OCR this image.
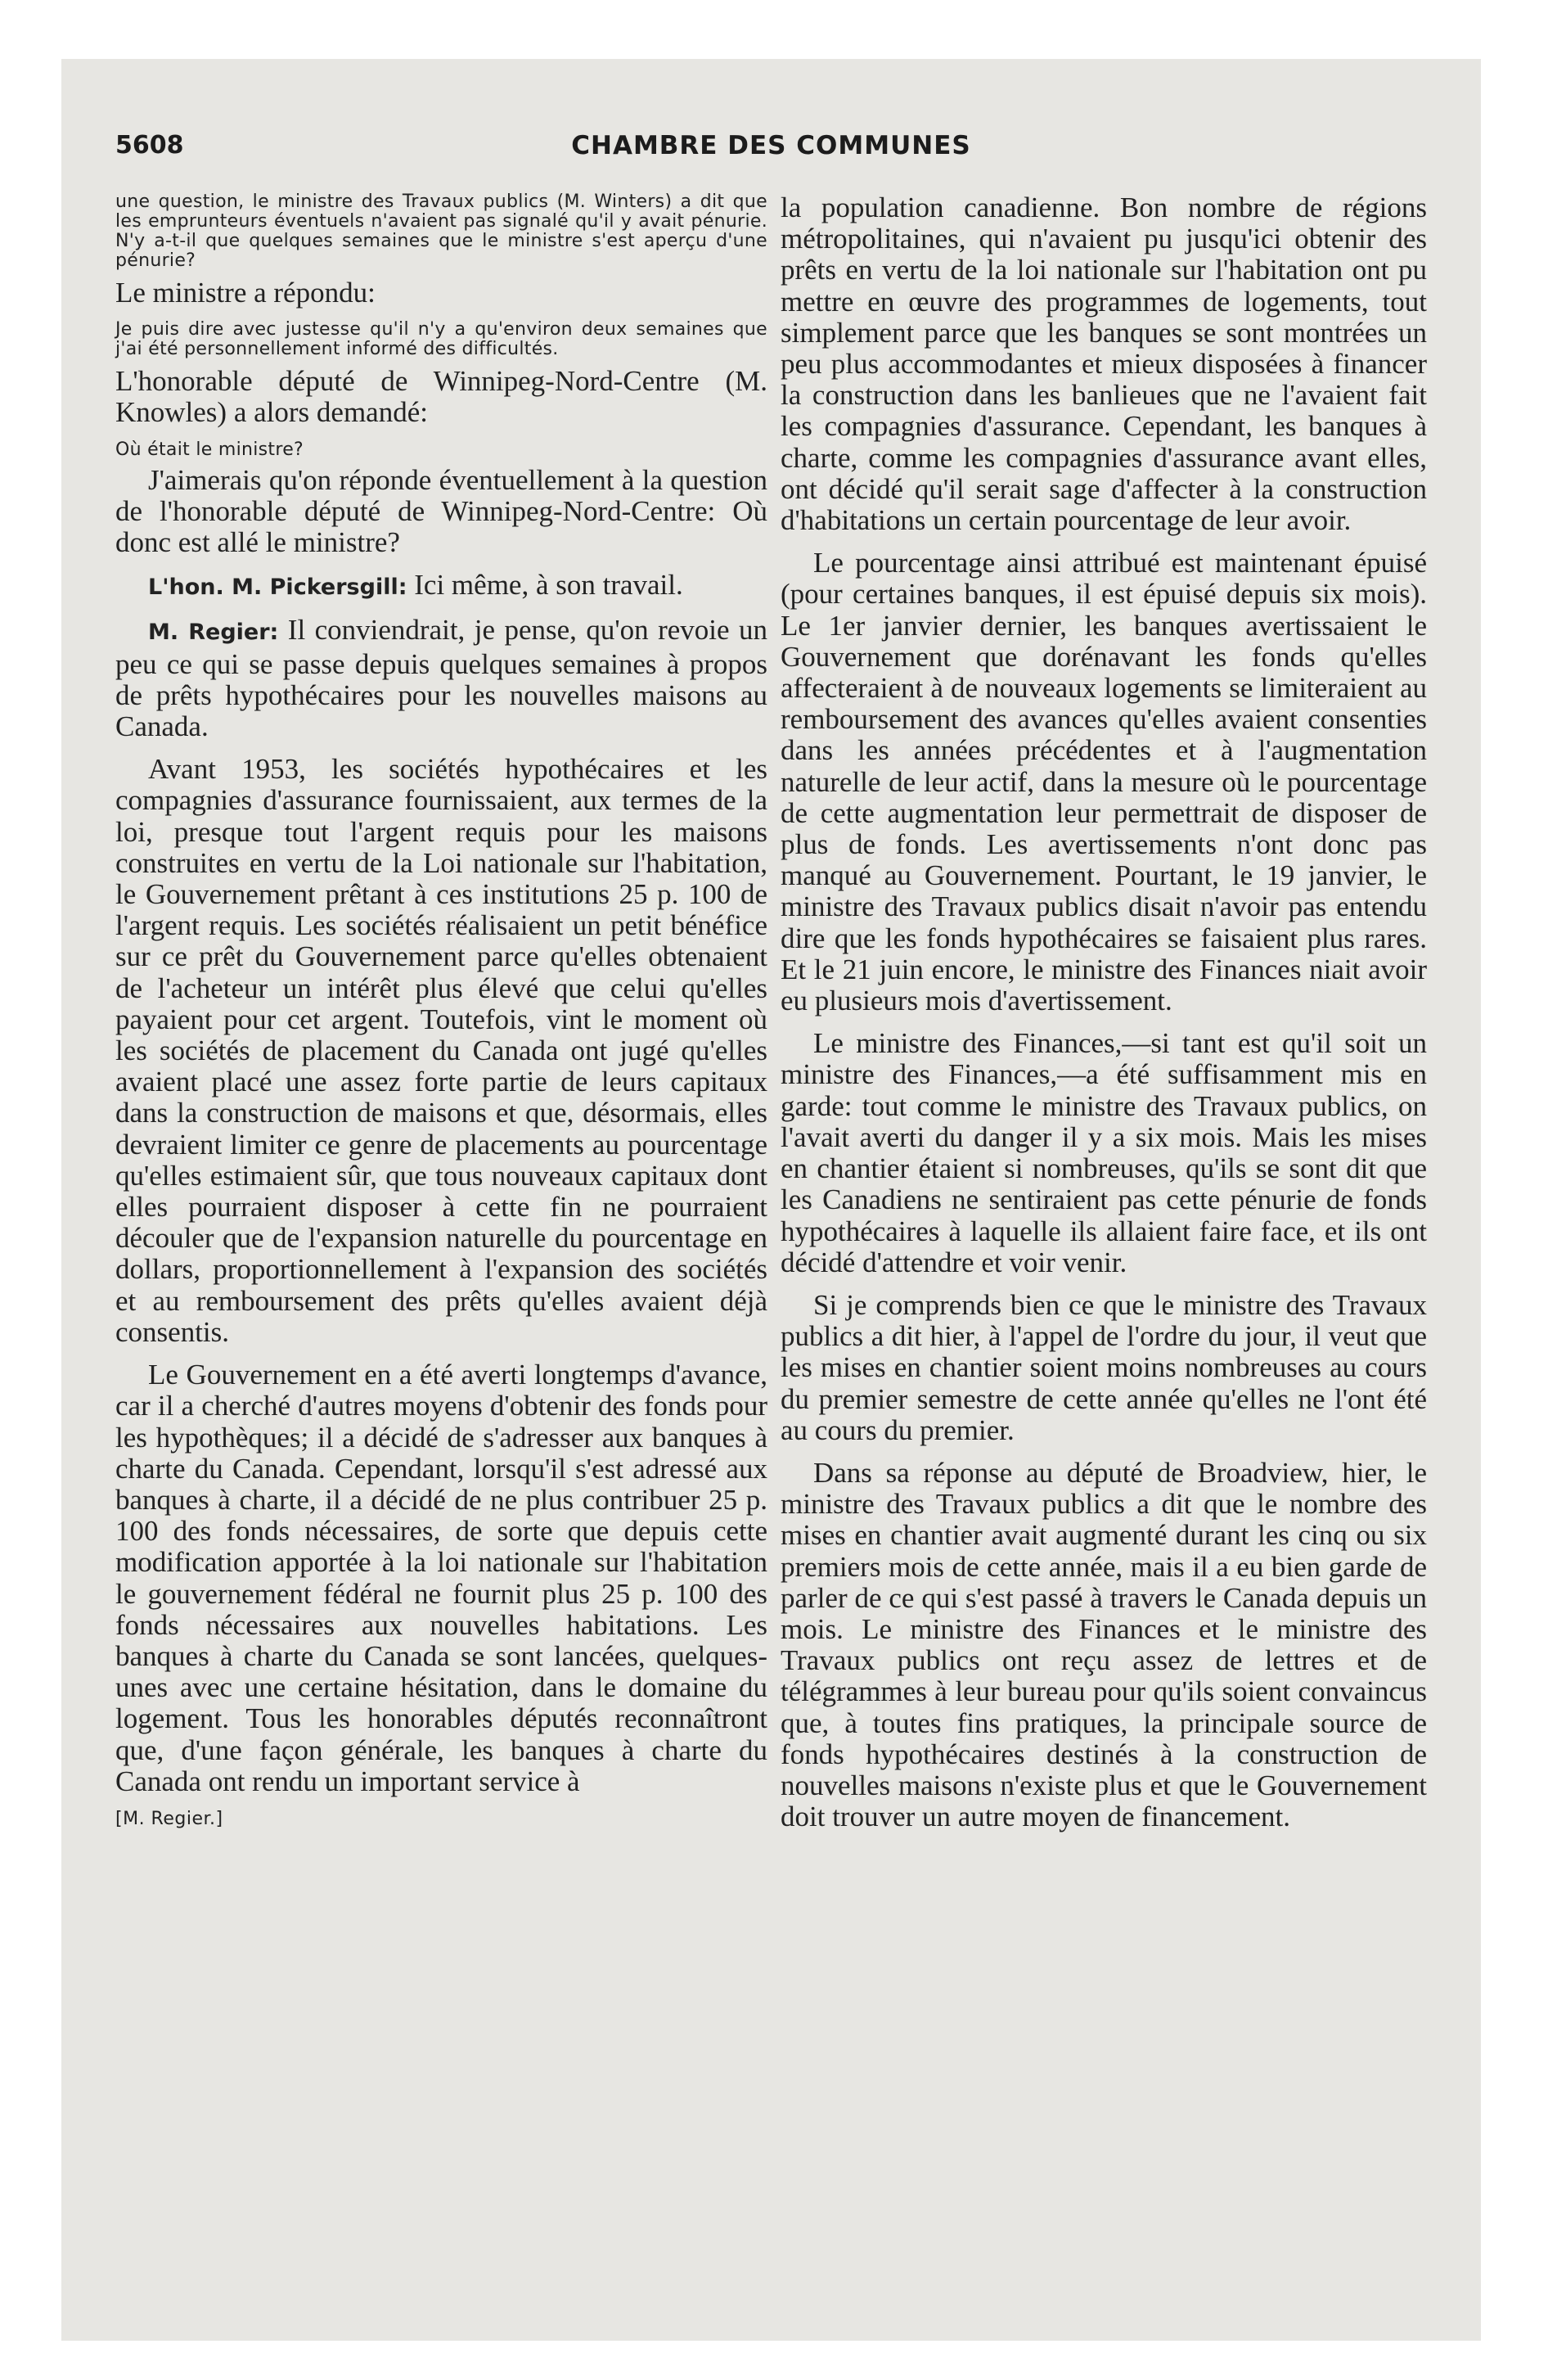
5608	CHAMBRE DES COMMUNES

une question, le ministre des Travaux publics (M. Winters) a dit que les emprunteurs éventuels n'avaient pas signalé qu'il y avait pénurie. N'y a-t-il que quelques semaines que le ministre s'est aperçu d'une pénurie?

Le ministre a répondu:

Je puis dire avec justesse qu'il n'y a qu'environ deux semaines que j'ai été personnellement informé des difficultés.

L'honorable député de Winnipeg-Nord-Centre (M. Knowles) a alors demandé:

Où était le ministre?

J'aimerais qu'on réponde éventuellement à la question de l'honorable député de Winnipeg-Nord-Centre: Où donc est allé le ministre?

L'hon. M. Pickersgill: Ici même, à son travail.

M. Regier: Il conviendrait, je pense, qu'on revoie un peu ce qui se passe depuis quelques semaines à propos de prêts hypothécaires pour les nouvelles maisons au Canada.

Avant 1953, les sociétés hypothécaires et les compagnies d'assurance fournissaient, aux termes de la loi, presque tout l'argent requis pour les maisons construites en vertu de la Loi nationale sur l'habitation, le Gouvernement prêtant à ces institutions 25 p. 100 de l'argent requis. Les sociétés réalisaient un petit bénéfice sur ce prêt du Gouvernement parce qu'elles obtenaient de l'acheteur un intérêt plus élevé que celui qu'elles payaient pour cet argent. Toutefois, vint le moment où les sociétés de placement du Canada ont jugé qu'elles avaient placé une assez forte partie de leurs capitaux dans la construction de maisons et que, désormais, elles devraient limiter ce genre de placements au pourcentage qu'elles estimaient sûr, que tous nouveaux capitaux dont elles pourraient disposer à cette fin ne pourraient découler que de l'expansion naturelle du pourcentage en dollars, proportionnellement à l'expansion des sociétés et au remboursement des prêts qu'elles avaient déjà consentis.

Le Gouvernement en a été averti longtemps d'avance, car il a cherché d'autres moyens d'obtenir des fonds pour les hypothèques; il a décidé de s'adresser aux banques à charte du Canada. Cependant, lorsqu'il s'est adressé aux banques à charte, il a décidé de ne plus contribuer 25 p. 100 des fonds nécessaires, de sorte que depuis cette modification apportée à la loi nationale sur l'habitation le gouvernement fédéral ne fournit plus 25 p. 100 des fonds nécessaires aux nouvelles habitations. Les banques à charte du Canada se sont lancées, quelques-unes avec une certaine hésitation, dans le domaine du logement. Tous les honorables députés reconnaîtront que, d'une façon générale, les banques à charte du Canada ont rendu un important service à

[M. Regier.]

la population canadienne. Bon nombre de régions métropolitaines, qui n'avaient pu jusqu'ici obtenir des prêts en vertu de la loi nationale sur l'habitation ont pu mettre en œuvre des programmes de logements, tout simplement parce que les banques se sont montrées un peu plus accommodantes et mieux disposées à financer la construction dans les banlieues que ne l'avaient fait les compagnies d'assurance. Cependant, les banques à charte, comme les compagnies d'assurance avant elles, ont décidé qu'il serait sage d'affecter à la construction d'habitations un certain pourcentage de leur avoir.

Le pourcentage ainsi attribué est maintenant épuisé (pour certaines banques, il est épuisé depuis six mois). Le 1er janvier dernier, les banques avertissaient le Gouvernement que dorénavant les fonds qu'elles affecteraient à de nouveaux logements se limiteraient au remboursement des avances qu'elles avaient consenties dans les années précédentes et à l'augmentation naturelle de leur actif, dans la mesure où le pourcentage de cette augmentation leur permettrait de disposer de plus de fonds. Les avertissements n'ont donc pas manqué au Gouvernement. Pourtant, le 19 janvier, le ministre des Travaux publics disait n'avoir pas entendu dire que les fonds hypothécaires se faisaient plus rares. Et le 21 juin encore, le ministre des Finances niait avoir eu plusieurs mois d'avertissement.

Le ministre des Finances,—si tant est qu'il soit un ministre des Finances,—a été suffisamment mis en garde: tout comme le ministre des Travaux publics, on l'avait averti du danger il y a six mois. Mais les mises en chantier étaient si nombreuses, qu'ils se sont dit que les Canadiens ne sentiraient pas cette pénurie de fonds hypothécaires à laquelle ils allaient faire face, et ils ont décidé d'attendre et voir venir.

Si je comprends bien ce que le ministre des Travaux publics a dit hier, à l'appel de l'ordre du jour, il veut que les mises en chantier soient moins nombreuses au cours du premier semestre de cette année qu'elles ne l'ont été au cours du premier.

Dans sa réponse au député de Broadview, hier, le ministre des Travaux publics a dit que le nombre des mises en chantier avait augmenté durant les cinq ou six premiers mois de cette année, mais il a eu bien garde de parler de ce qui s'est passé à travers le Canada depuis un mois. Le ministre des Finances et le ministre des Travaux publics ont reçu assez de lettres et de télégrammes à leur bureau pour qu'ils soient convaincus que, à toutes fins pratiques, la principale source de fonds hypothécaires destinés à la construction de nouvelles maisons n'existe plus et que le Gouvernement doit trouver un autre moyen de financement.
